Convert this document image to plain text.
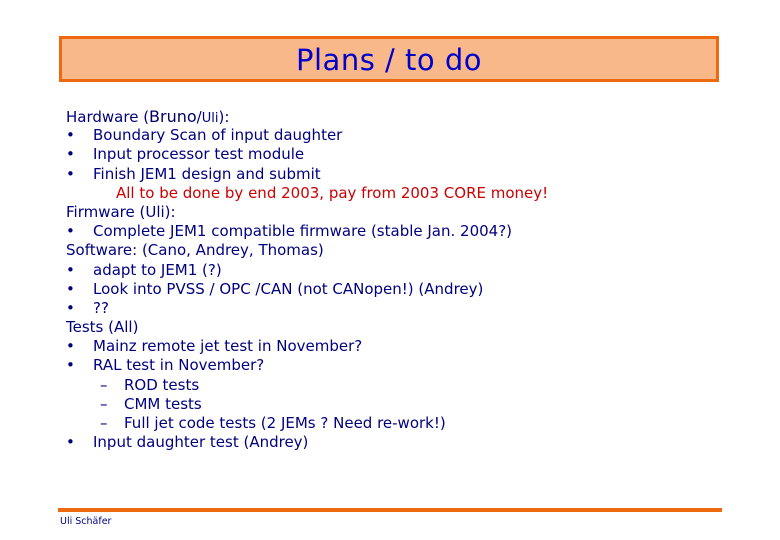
Plans / to do
Hardware (Bruno/Uli):
• Boundary Scan of input daughter
• Input processor test module
• Finish JEM1 design and submit
All to be done by end 2003, pay from 2003 CORE money!
Firmware (Uli):
• Complete JEM1 compatible firmware (stable Jan. 2004?)
Software: (Cano, Andrey, Thomas)
• adapt to JEM1 (?)
• Look into PVSS / OPC /CAN (not CANopen!) (Andrey)
• ??
Tests (All)
• Mainz remote jet test in November?
• RAL test in November?
– ROD tests
– CMM tests
– Full jet code tests (2 JEMs ? Need re-work!)
• Input daughter test (Andrey)
Uli Schäfer
